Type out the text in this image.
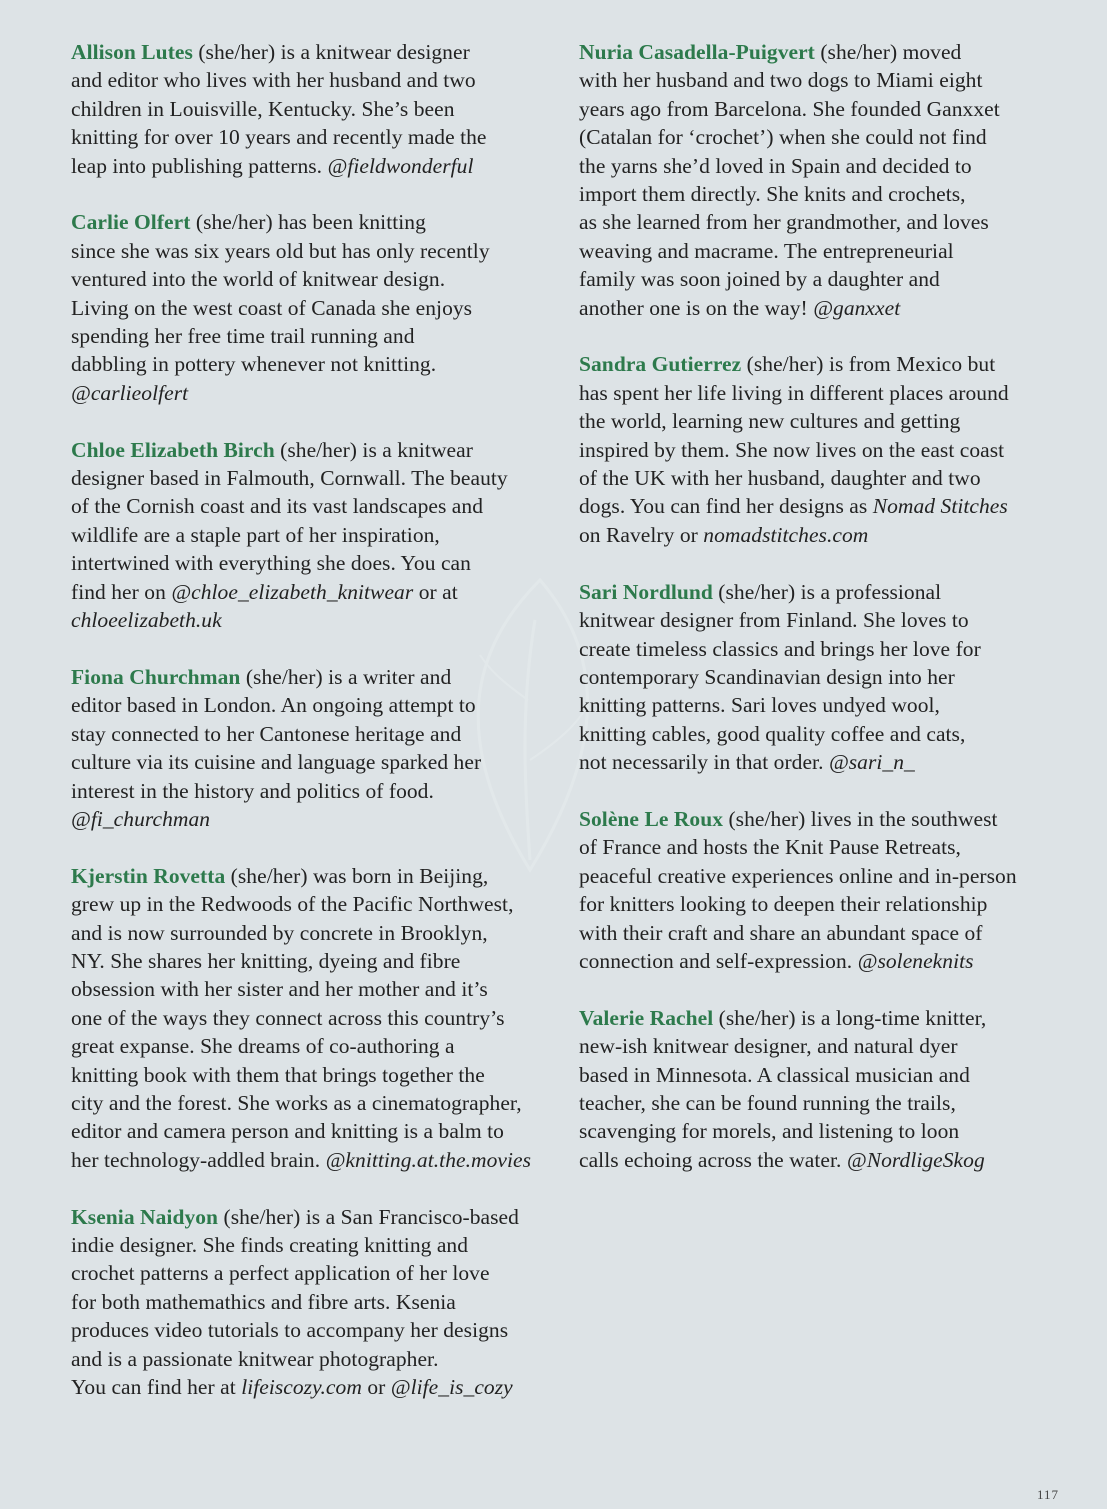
Allison Lutes (she/her) is a knitwear designer
and editor who lives with her husband and two
children in Louisville, Kentucky. She’s been
knitting for over 10 years and recently made the
leap into publishing patterns. @fieldwonderful

Carlie Olfert (she/her) has been knitting
since she was six years old but has only recently
ventured into the world of knitwear design.
Living on the west coast of Canada she enjoys
spending her free time trail running and
dabbling in pottery whenever not knitting.
@carlieolfert

Chloe Elizabeth Birch (she/her) is a knitwear
designer based in Falmouth, Cornwall. The beauty
of the Cornish coast and its vast landscapes and
wildlife are a staple part of her inspiration,
intertwined with everything she does. You can
find her on @chloe_elizabeth_knitwear or at
chloeelizabeth.uk

Fiona Churchman (she/her) is a writer and
editor based in London. An ongoing attempt to
stay connected to her Cantonese heritage and
culture via its cuisine and language sparked her
interest in the history and politics of food.
@fi_churchman

Kjerstin Rovetta (she/her) was born in Beijing,
grew up in the Redwoods of the Pacific Northwest,
and is now surrounded by concrete in Brooklyn,
NY. She shares her knitting, dyeing and fibre
obsession with her sister and her mother and it’s
one of the ways they connect across this country’s
great expanse. She dreams of co-authoring a
knitting book with them that brings together the
city and the forest. She works as a cinematographer,
editor and camera person and knitting is a balm to
her technology-addled brain. @knitting.at.the.movies

Ksenia Naidyon (she/her) is a San Francisco-based
indie designer. She finds creating knitting and
crochet patterns a perfect application of her love
for both mathemathics and fibre arts. Ksenia
produces video tutorials to accompany her designs
and is a passionate knitwear photographer.
You can find her at lifeiscozy.com or @life_is_cozy

Nuria Casadella-Puigvert (she/her) moved
with her husband and two dogs to Miami eight
years ago from Barcelona. She founded Ganxxet
(Catalan for ‘crochet’) when she could not find
the yarns she’d loved in Spain and decided to
import them directly. She knits and crochets,
as she learned from her grandmother, and loves
weaving and macrame. The entrepreneurial
family was soon joined by a daughter and
another one is on the way! @ganxxet

Sandra Gutierrez (she/her) is from Mexico but
has spent her life living in different places around
the world, learning new cultures and getting
inspired by them. She now lives on the east coast
of the UK with her husband, daughter and two
dogs. You can find her designs as Nomad Stitches
on Ravelry or nomadstitches.com

Sari Nordlund (she/her) is a professional
knitwear designer from Finland. She loves to
create timeless classics and brings her love for
contemporary Scandinavian design into her
knitting patterns. Sari loves undyed wool,
knitting cables, good quality coffee and cats,
not necessarily in that order. @sari_n_

Solène Le Roux (she/her) lives in the southwest
of France and hosts the Knit Pause Retreats,
peaceful creative experiences online and in-person
for knitters looking to deepen their relationship
with their craft and share an abundant space of
connection and self-expression. @soleneknits

Valerie Rachel (she/her) is a long-time knitter,
new-ish knitwear designer, and natural dyer
based in Minnesota. A classical musician and
teacher, she can be found running the trails,
scavenging for morels, and listening to loon
calls echoing across the water. @NordligeSkog

117
